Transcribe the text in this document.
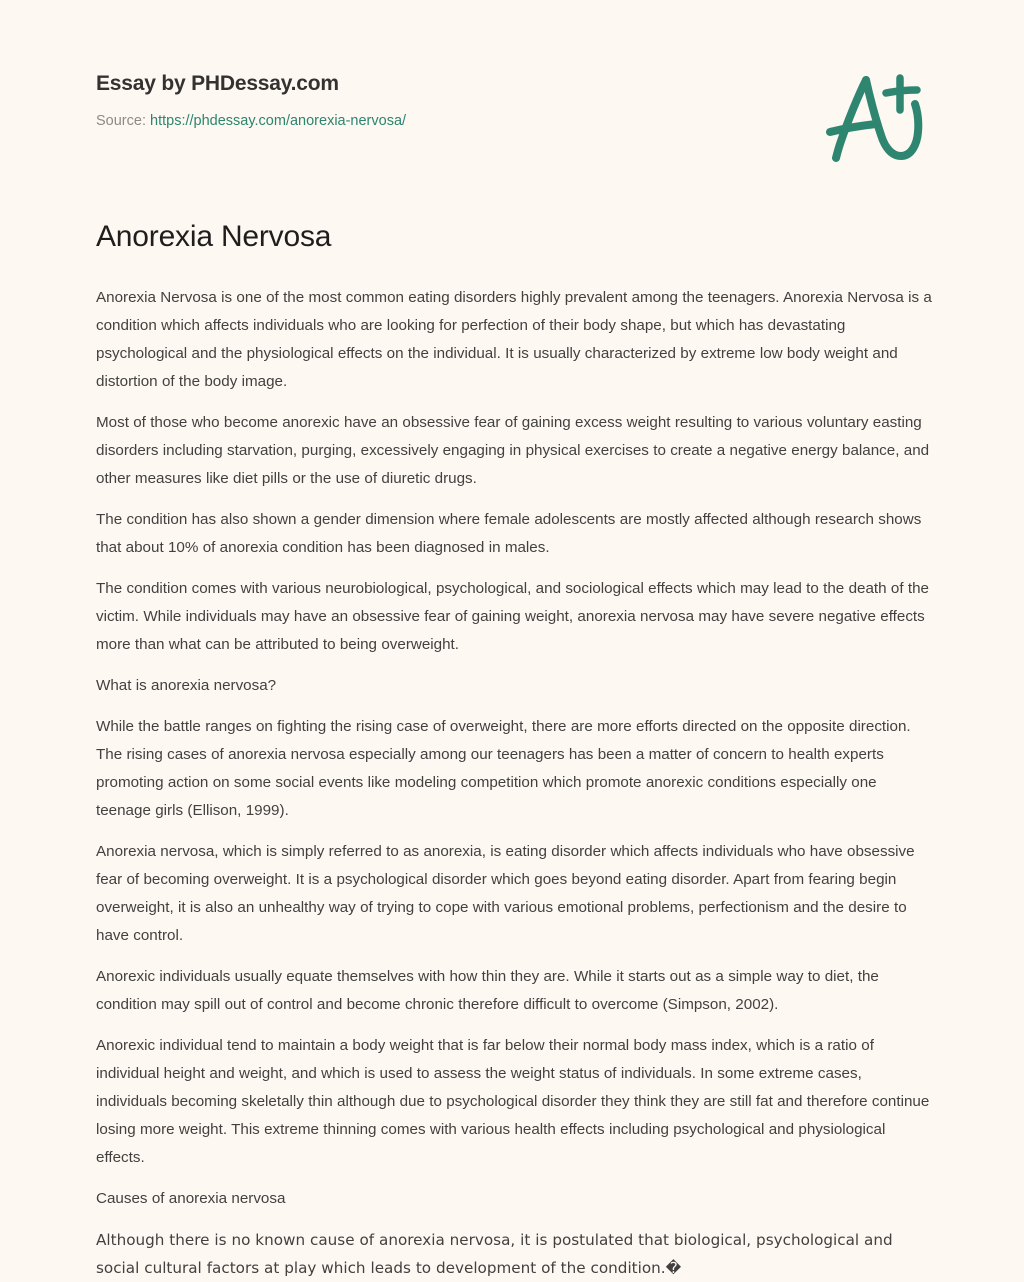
Essay by PHDessay.com
Source: https://phdessay.com/anorexia-nervosa/
Anorexia Nervosa

Anorexia Nervosa is one of the most common eating disorders highly prevalent among the teenagers. Anorexia Nervosa is a condition which affects individuals who are looking for perfection of their body shape, but which has devastating psychological and the physiological effects on the individual. It is usually characterized by extreme low body weight and distortion of the body image.

Most of those who become anorexic have an obsessive fear of gaining excess weight resulting to various voluntary easting disorders including starvation, purging, excessively engaging in physical exercises to create a negative energy balance, and other measures like diet pills or the use of diuretic drugs.

The condition has also shown a gender dimension where female adolescents are mostly affected although research shows that about 10% of anorexia condition has been diagnosed in males.

The condition comes with various neurobiological, psychological, and sociological effects which may lead to the death of the victim. While individuals may have an obsessive fear of gaining weight, anorexia nervosa may have severe negative effects more than what can be attributed to being overweight.

What is anorexia nervosa?

While the battle ranges on fighting the rising case of overweight, there are more efforts directed on the opposite direction. The rising cases of anorexia nervosa especially among our teenagers has been a matter of concern to health experts promoting action on some social events like modeling competition which promote anorexic conditions especially one teenage girls (Ellison, 1999).

Anorexia nervosa, which is simply referred to as anorexia, is eating disorder which affects individuals who have obsessive fear of becoming overweight. It is a psychological disorder which goes beyond eating disorder. Apart from fearing begin overweight, it is also an unhealthy way of trying to cope with various emotional problems, perfectionism and the desire to have control.

Anorexic individuals usually equate themselves with how thin they are. While it starts out as a simple way to diet, the condition may spill out of control and become chronic therefore difficult to overcome (Simpson, 2002).

Anorexic individual tend to maintain a body weight that is far below their normal body mass index, which is a ratio of individual height and weight, and which is used to assess the weight status of individuals. In some extreme cases, individuals becoming skeletally thin although due to psychological disorder they think they are still fat and therefore continue losing more weight. This extreme thinning comes with various health effects including psychological and physiological effects.

Causes of anorexia nervosa

Although there is no known cause of anorexia nervosa, it is postulated that biological, psychological and social cultural factors at play which leads to development of the condition.�
